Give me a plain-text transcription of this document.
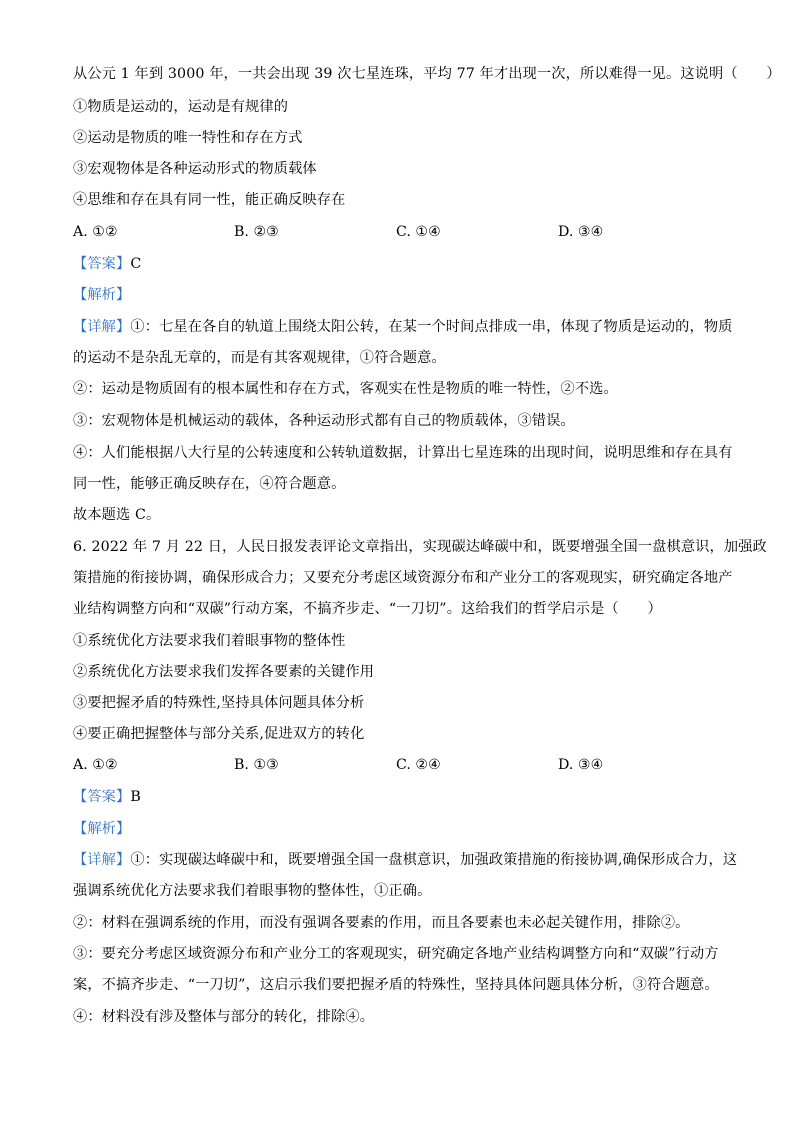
从公元 1 年到 3000 年，一共会出现 39 次七星连珠，平均 77 年才出现一次，所以难得一见。这说明（　　）
①物质是运动的，运动是有规律的
②运动是物质的唯一特性和存在方式
③宏观物体是各种运动形式的物质载体
④思维和存在具有同一性，能正确反映存在
A. ①②	B. ②③	C. ①④	D. ③④
【答案】C
【解析】
【详解】①：七星在各自的轨道上围绕太阳公转，在某一个时间点排成一串，体现了物质是运动的，物质
的运动不是杂乱无章的，而是有其客观规律，①符合题意。
②：运动是物质固有的根本属性和存在方式，客观实在性是物质的唯一特性，②不选。
③：宏观物体是机械运动的载体，各种运动形式都有自己的物质载体，③错误。
④：人们能根据八大行星的公转速度和公转轨道数据，计算出七星连珠的出现时间，说明思维和存在具有
同一性，能够正确反映存在，④符合题意。
故本题选 C。
6. 2022 年 7 月 22 日，人民日报发表评论文章指出，实现碳达峰碳中和，既要增强全国一盘棋意识，加强政
策措施的衔接协调，确保形成合力；又要充分考虑区域资源分布和产业分工的客观现实，研究确定各地产
业结构调整方向和“双碳”行动方案，不搞齐步走、“一刀切”。这给我们的哲学启示是（　　）
①系统优化方法要求我们着眼事物的整体性
②系统优化方法要求我们发挥各要素的关键作用
③要把握矛盾的特殊性,坚持具体问题具体分析
④要正确把握整体与部分关系,促进双方的转化
A. ①②	B. ①③	C. ②④	D. ③④
【答案】B
【解析】
【详解】①：实现碳达峰碳中和，既要增强全国一盘棋意识，加强政策措施的衔接协调,确保形成合力，这
强调系统优化方法要求我们着眼事物的整体性，①正确。
②：材料在强调系统的作用，而没有强调各要素的作用，而且各要素也未必起关键作用，排除②。
③：要充分考虑区域资源分布和产业分工的客观现实，研究确定各地产业结构调整方向和“双碳”行动方
案，不搞齐步走、“一刀切”，这启示我们要把握矛盾的特殊性，坚持具体问题具体分析，③符合题意。
④：材料没有涉及整体与部分的转化，排除④。
